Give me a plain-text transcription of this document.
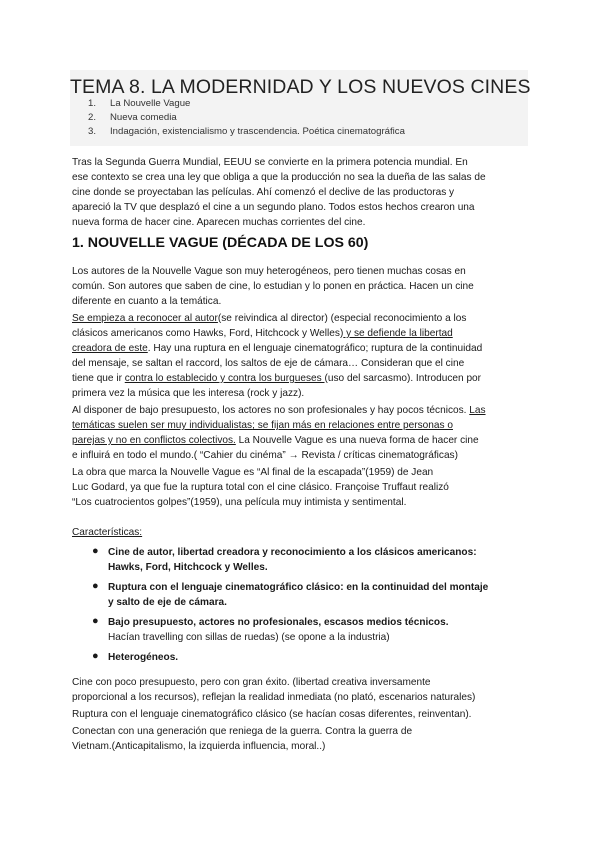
TEMA 8. LA MODERNIDAD Y LOS NUEVOS CINES
1. La Nouvelle Vague
2. Nueva comedia
3. Indagación, existencialismo y trascendencia. Poética cinematográfica
Tras la Segunda Guerra Mundial, EEUU se convierte en la primera potencia mundial. En
ese contexto se crea una ley que obliga a que la producción no sea la dueña de las salas de
cine donde se proyectaban las películas. Ahí comenzó el declive de las productoras y
apareció la TV que desplazó el cine a un segundo plano. Todos estos hechos crearon una
nueva forma de hacer cine. Aparecen muchas corrientes del cine.
1. NOUVELLE VAGUE (DÉCADA DE LOS 60)
Los autores de la Nouvelle Vague son muy heterogéneos, pero tienen muchas cosas en
común. Son autores que saben de cine, lo estudian y lo ponen en práctica. Hacen un cine
diferente en cuanto a la temática.
Se empieza a reconocer al autor(se reivindica al director) (especial reconocimiento a los
clásicos americanos como Hawks, Ford, Hitchcock y Welles) y se defiende la libertad
creadora de este. Hay una ruptura en el lenguaje cinematográfico; ruptura de la continuidad
del mensaje, se saltan el raccord, los saltos de eje de cámara… Consideran que el cine
tiene que ir contra lo establecido y contra los burgueses (uso del sarcasmo). Introducen por
primera vez la música que les interesa (rock y jazz).
Al disponer de bajo presupuesto, los actores no son profesionales y hay pocos técnicos. Las
temáticas suelen ser muy individualistas; se fijan más en relaciones entre personas o
parejas y no en conflictos colectivos. La Nouvelle Vague es una nueva forma de hacer cine
e influirá en todo el mundo.( “Cahier du cinéma” → Revista / críticas cinematográficas)
La obra que marca la Nouvelle Vague es “Al final de la escapada”(1959) de Jean
Luc Godard, ya que fue la ruptura total con el cine clásico. Françoise Truffaut realizó
“Los cuatrocientos golpes”(1959), una película muy intimista y sentimental.
Características:
● Cine de autor, libertad creadora y reconocimiento a los clásicos americanos:
Hawks, Ford, Hitchcock y Welles.
● Ruptura con el lenguaje cinematográfico clásico: en la continuidad del montaje
y salto de eje de cámara.
● Bajo presupuesto, actores no profesionales, escasos medios técnicos.
Hacían travelling con sillas de ruedas) (se opone a la industria)
● Heterogéneos.
Cine con poco presupuesto, pero con gran éxito. (libertad creativa inversamente
proporcional a los recursos), reflejan la realidad inmediata (no plató, escenarios naturales)
Ruptura con el lenguaje cinematográfico clásico (se hacían cosas diferentes, reinventan).
Conectan con una generación que reniega de la guerra. Contra la guerra de
Vietnam.(Anticapitalismo, la izquierda influencia, moral..)
